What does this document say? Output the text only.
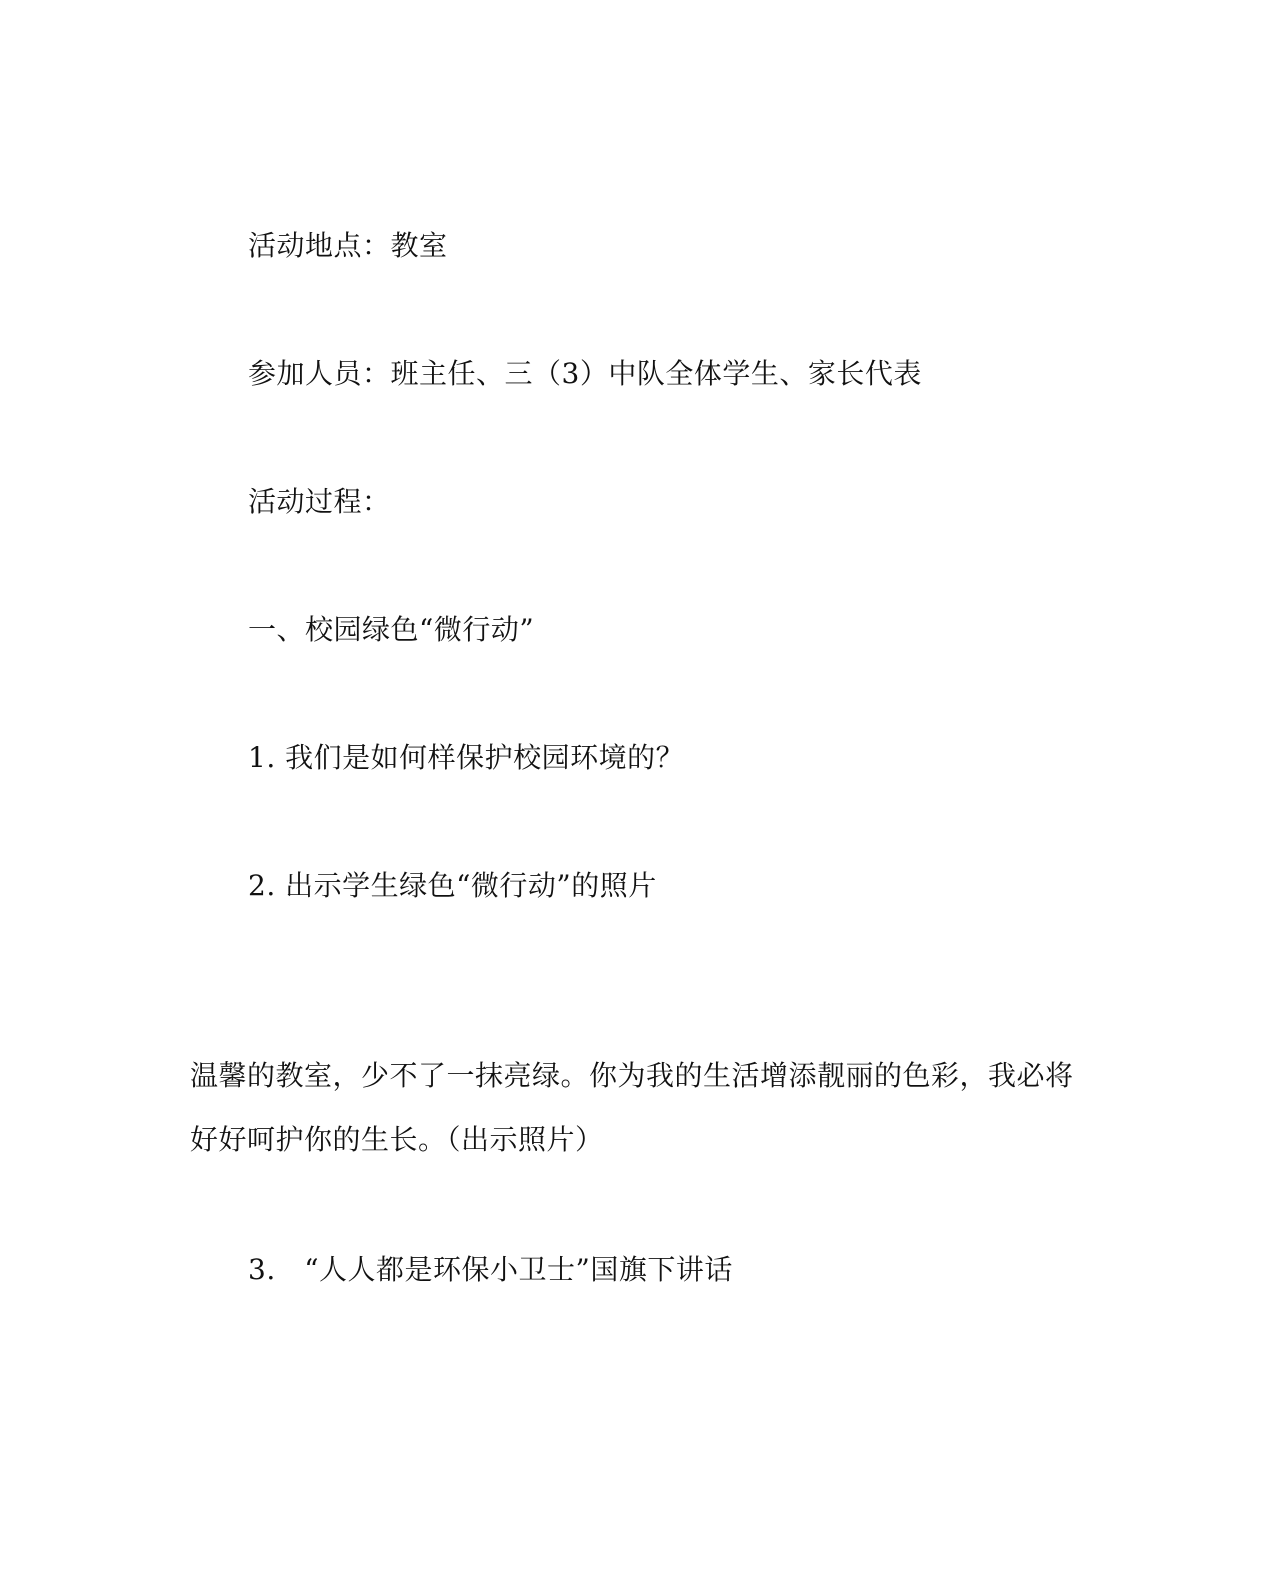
活动地点：教室
参加人员：班主任、三（3）中队全体学生、家长代表
活动过程：
一、校园绿色“微行动”
1. 我们是如何样保护校园环境的？
2. 出示学生绿色“微行动”的照片
温馨的教室，少不了一抹亮绿。你为我的生活增添靓丽的色彩，我必将好好呵护你的生长。（出示照片）
3.　“人人都是环保小卫士”国旗下讲话
